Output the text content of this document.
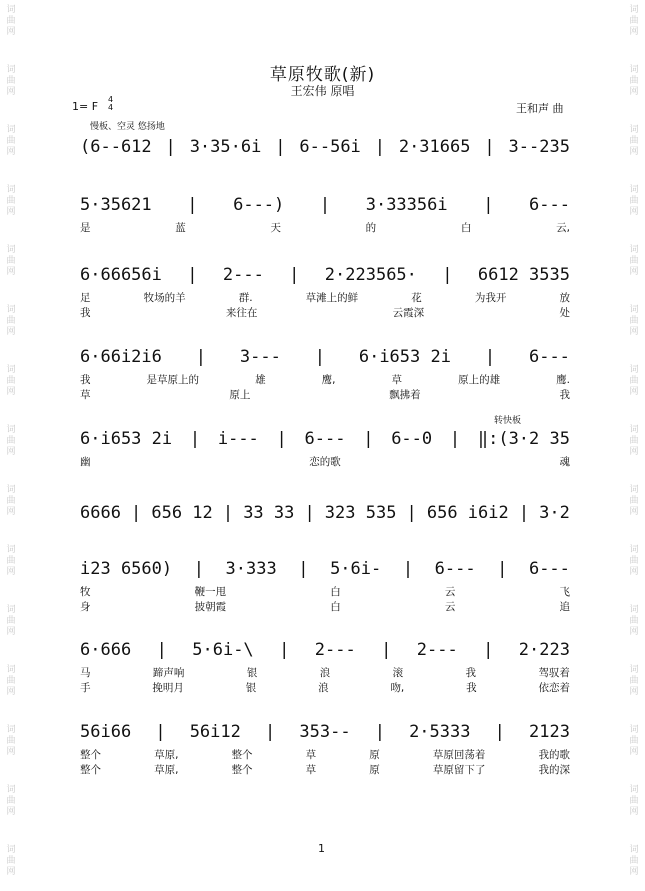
词
曲
网
词
曲
网
词
曲
网
词
曲
网
词
曲
网
词
曲
网
词
曲
网
词
曲
网
词
曲
网
词
曲
网
词
曲
网
词
曲
网
词
曲
网
词
曲
网
词
曲
网
词
曲
网
词
曲
网
词
曲
网
词
曲
网
词
曲
网
词
曲
网
词
曲
网
词
曲
网
词
曲
网
词
曲
网
词
曲
网
词
曲
网
词
曲
网
词
曲
网
词
曲
网
草原牧歌(新)
王宏伟 原唱
1= F
4
4	王和声 曲
慢板、空灵 悠扬地
转快板
(6--612 | 3·35·6i | 6--56i | 2·31665 | 3--235
5·35621 | 6---) | 3·33356i | 6---
是	蓝	天	的	白	云,
6·66656i | 2--- | 2·223565· | 6612 3535
足	牧场的羊	群.	草滩上的鲜	花	为我开	放
我	来往在	云霞深	处
6·66i2i6 | 3--- | 6·i653 2i | 6---
我	是草原上的	雄	鹰,	草	原上的雄	鹰.
草	原上	飘拂着	我
6·i653 2i | i--- | 6--- | 6--0 | ‖:(3·2 35
幽	恋的歌	魂
6666 | 656 12 | 33 33 | 323 535 | 656 i6i2 | 3·2
i23 6560) | 3·333 | 5·6i- | 6--- | 6---
牧	鞭一甩	白	云	飞
身	披朝霞	白	云	追
6·666 | 5·6i-\ | 2--- | 2--- | 2·223
马	蹄声响	银	浪	滚	我	驾驭着
手	挽明月	银	浪	吻,	我	依恋着
56i66 | 56i12 | 353-- | 2·5333 | 2123
整个	草原,	整个	草	原	草原回荡着	我的歌
整个	草原,	整个	草	原	草原留下了	我的深
1
